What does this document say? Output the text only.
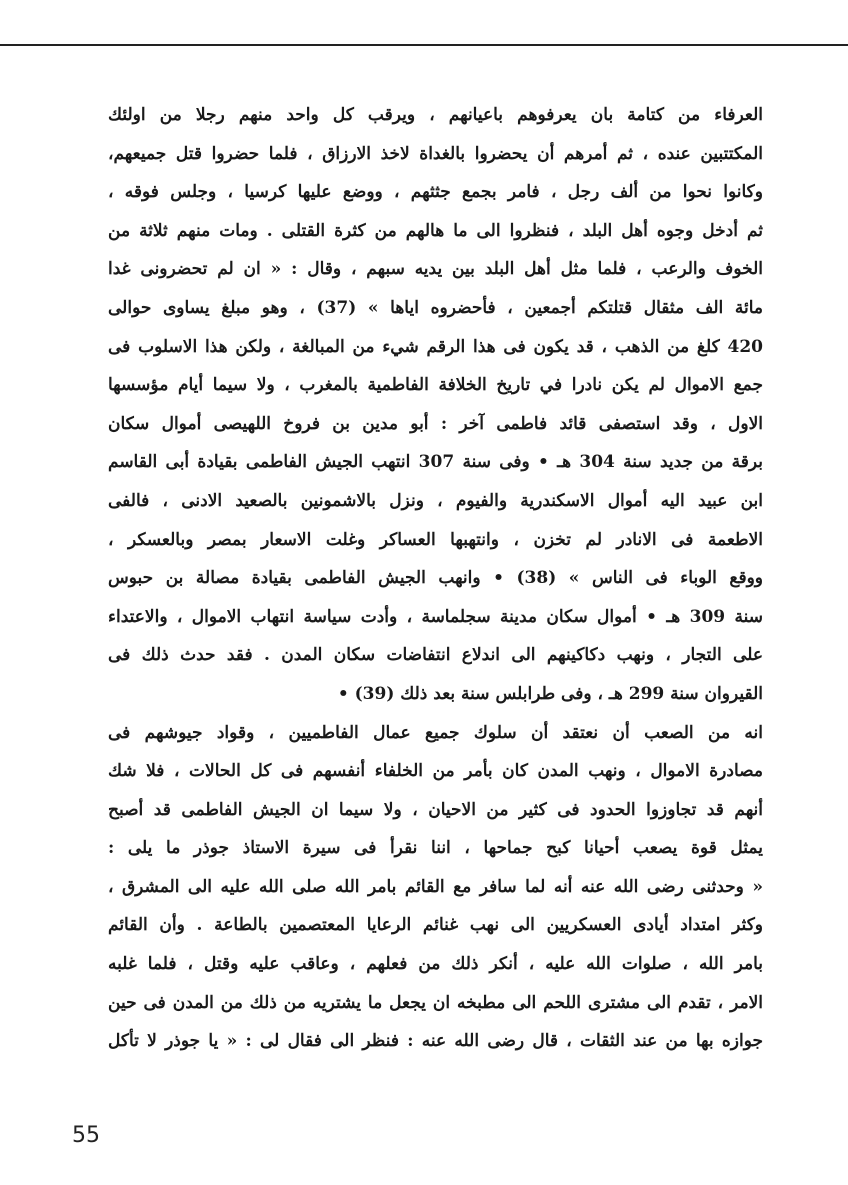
العرفاء من كتامة بان يعرفوهم باعيانهم ، ويرقب كل واحد منهم رجلا من اولئك
المكتتبين عنده ، ثم أمرهم أن يحضروا بالغداة لاخذ الارزاق ، فلما حضروا قتل جميعهم،
وكانوا نحوا من ألف رجل ، فامر بجمع جثثهم ، ووضع عليها كرسيا ، وجلس فوقه ،
ثم أدخل وجوه أهل البلد ، فنظروا الى ما هالهم من كثرة القتلى . ومات منهم ثلاثة من
الخوف والرعب ، فلما مثل أهل البلد بين يديه سبهم ، وقال : « ان لم تحضرونى غدا
مائة الف مثقال قتلتكم أجمعين ، فأحضروه اياها » (37) ، وهو مبلغ يساوى حوالى
420 كلغ من الذهب ، قد يكون فى هذا الرقم شيء من المبالغة ، ولكن هذا الاسلوب فى
جمع الاموال لم يكن نادرا في تاريخ الخلافة الفاطمية بالمغرب ، ولا سيما أيام مؤسسها
الاول ، وقد استصفى قائد فاطمى آخر : أبو مدين بن فروخ اللهيصى أموال سكان
برقة من جديد سنة 304 هـ • وفى سنة 307 انتهب الجيش الفاطمى بقيادة أبى القاسم
ابن عبيد اليه أموال الاسكندرية والفيوم ، ونزل بالاشمونين بالصعيد الادنى ، فالفى
الاطعمة فى الانادر لم تخزن ، وانتهبها العساكر وغلت الاسعار بمصر وبالعسكر ،
ووقع الوباء فى الناس » (38) • وانهب الجيش الفاطمى بقيادة مصالة بن حبوس
سنة 309 هـ • أموال سكان مدينة سجلماسة ، وأدت سياسة انتهاب الاموال ، والاعتداء
على التجار ، ونهب دكاكينهم الى اندلاع انتفاضات سكان المدن . فقد حدث ذلك فى
القيروان سنة 299 هـ ، وفى طرابلس سنة بعد ذلك (39) •
انه من الصعب أن نعتقد أن سلوك جميع عمال الفاطميين ، وقواد جيوشهم فى
مصادرة الاموال ، ونهب المدن كان بأمر من الخلفاء أنفسهم فى كل الحالات ، فلا شك
أنهم قد تجاوزوا الحدود فى كثير من الاحيان ، ولا سيما ان الجيش الفاطمى قد أصبح
يمثل قوة يصعب أحيانا كبح جماحها ، اننا نقرأ فى سيرة الاستاذ جوذر ما يلى :
« وحدثنى رضى الله عنه أنه لما سافر مع القائم بامر الله صلى الله عليه الى المشرق ،
وكثر امتداد أيادى العسكريين الى نهب غنائم الرعايا المعتصمين بالطاعة . وأن القائم
بامر الله ، صلوات الله عليه ، أنكر ذلك من فعلهم ، وعاقب عليه وقتل ، فلما غلبه
الامر ، تقدم الى مشترى اللحم الى مطبخه ان يجعل ما يشتريه من ذلك من المدن فى حين
جوازه بها من عند الثقات ، قال رضى الله عنه : فنظر الى فقال لى : « يا جوذر لا تأكل
55
